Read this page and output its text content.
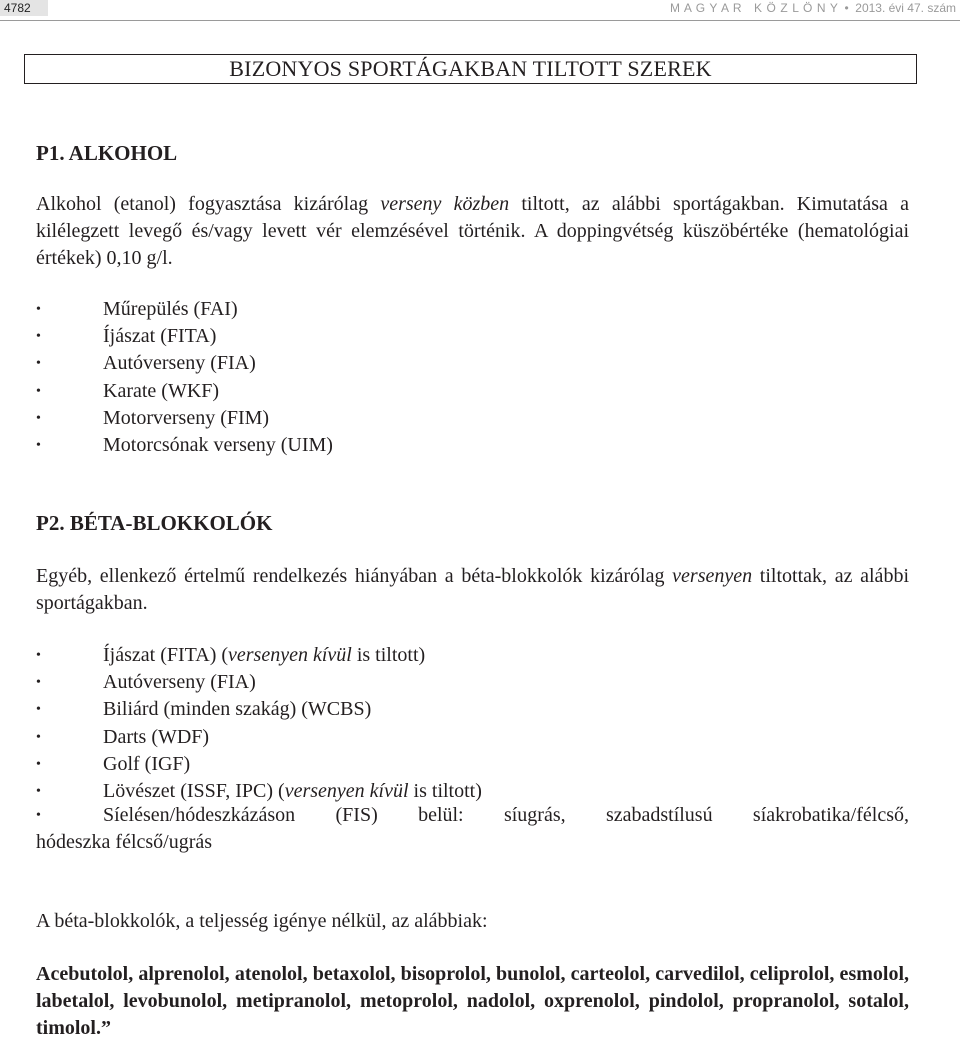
4782	M A G Y A R   K Ö Z L Ö N Y • 2013. évi 47. szám
BIZONYOS SPORTÁGAKBAN TILTOTT SZEREK
P1. ALKOHOL
Alkohol (etanol) fogyasztása kizárólag verseny közben tiltott, az alábbi sportágakban. Kimutatása a kilélegzett levegő és/vagy levett vér elemzésével történik. A doppingvétség küszöbértéke (hematológiai értékek) 0,10 g/l.
•	Műrepülés (FAI)
•	Íjászat (FITA)
•	Autóverseny (FIA)
•	Karate (WKF)
•	Motorverseny (FIM)
•	Motorcsónak verseny (UIM)
P2. BÉTA-BLOKKOLÓK
Egyéb, ellenkező értelmű rendelkezés hiányában a béta-blokkolók kizárólag versenyen tiltottak, az alábbi sportágakban.
•	Íjászat (FITA) (versenyen kívül is tiltott)
•	Autóverseny (FIA)
•	Biliárd (minden szakág) (WCBS)
•	Darts (WDF)
•	Golf (IGF)
•	Lövészet (ISSF, IPC) (versenyen kívül is tiltott)
•	Síelésen/hódeszkázáson (FIS) belül: síugrás, szabadstílusú síakrobatika/félcső,
hódeszka félcső/ugrás
A béta-blokkolók, a teljesség igénye nélkül, az alábbiak:
Acebutolol, alprenolol, atenolol, betaxolol, bisoprolol, bunolol, carteolol, carvedilol, celiprolol, esmolol, labetalol, levobunolol, metipranolol, metoprolol, nadolol, oxprenolol, pindolol, propranolol, sotalol, timolol.”
